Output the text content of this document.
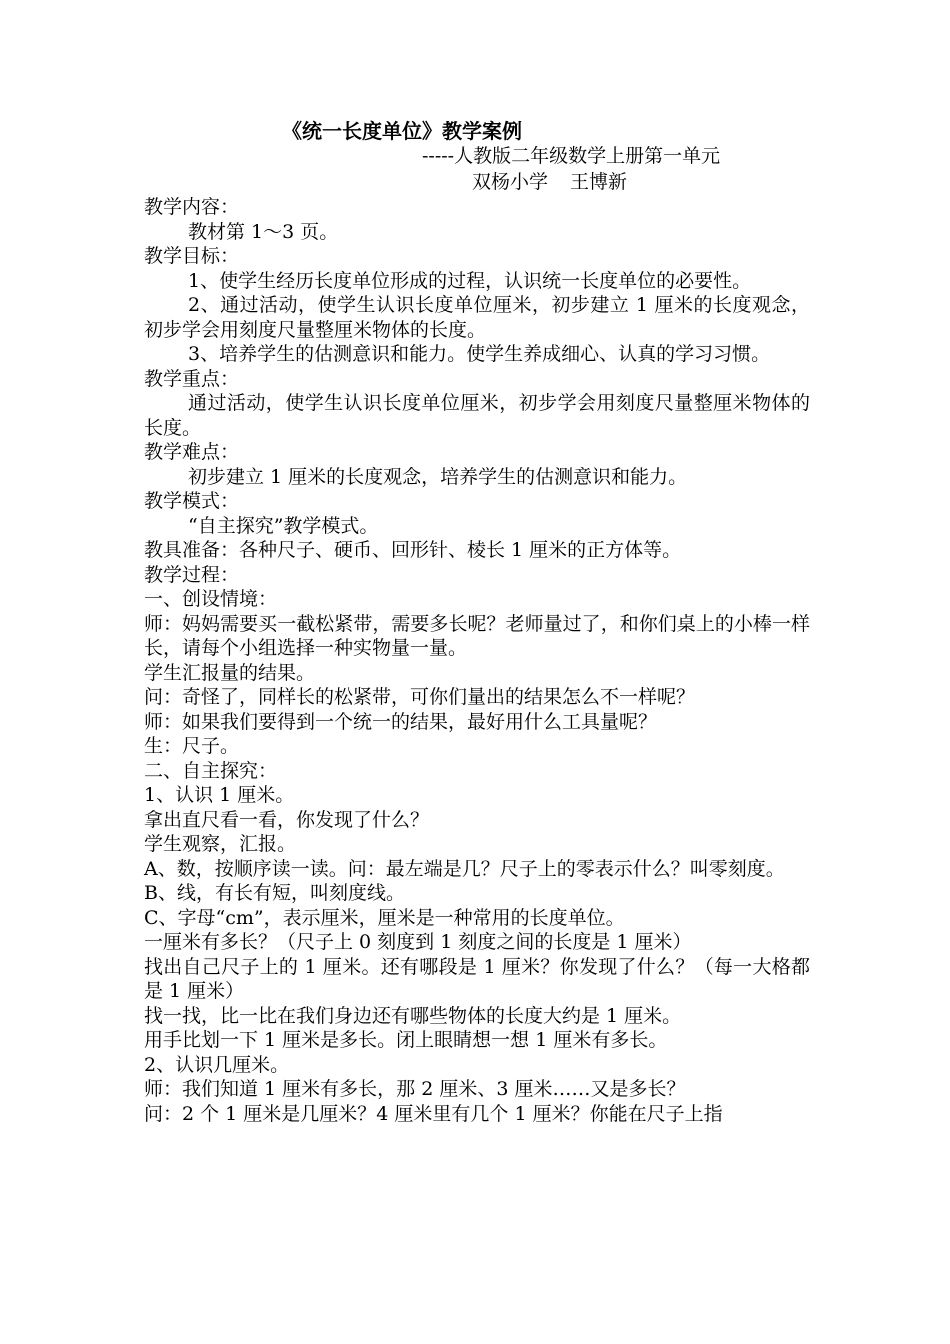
《统一长度单位》教学案例
-----人教版二年级数学上册第一单元
双杨小学 王博新
教学内容：
教材第 1～3 页。
教学目标：
1、使学生经历长度单位形成的过程，认识统一长度单位的必要性。
2、通过活动，使学生认识长度单位厘米，初步建立 1 厘米的长度观念，初步学会用刻度尺量整厘米物体的长度。
3、培养学生的估测意识和能力。使学生养成细心、认真的学习习惯。
教学重点：
通过活动，使学生认识长度单位厘米，初步学会用刻度尺量整厘米物体的长度。
教学难点：
初步建立 1 厘米的长度观念，培养学生的估测意识和能力。
教学模式：
“自主探究”教学模式。
教具准备：各种尺子、硬币、回形针、棱长 1 厘米的正方体等。
教学过程：
一、创设情境：
师：妈妈需要买一截松紧带，需要多长呢？老师量过了，和你们桌上的小棒一样长，请每个小组选择一种实物量一量。
学生汇报量的结果。
问：奇怪了，同样长的松紧带，可你们量出的结果怎么不一样呢？
师：如果我们要得到一个统一的结果，最好用什么工具量呢？
生：尺子。
二、自主探究：
1、认识 1 厘米。
拿出直尺看一看，你发现了什么？
学生观察，汇报。
A、数，按顺序读一读。问：最左端是几？尺子上的零表示什么？叫零刻度。
B、线，有长有短，叫刻度线。
C、字母“cm”，表示厘米，厘米是一种常用的长度单位。
一厘米有多长？（尺子上 0 刻度到 1 刻度之间的长度是 1 厘米）
找出自己尺子上的 1 厘米。还有哪段是 1 厘米？你发现了什么？（每一大格都是 1 厘米）
找一找，比一比在我们身边还有哪些物体的长度大约是 1 厘米。
用手比划一下 1 厘米是多长。闭上眼睛想一想 1 厘米有多长。
2、认识几厘米。
师：我们知道 1 厘米有多长，那 2 厘米、3 厘米……又是多长？
问：2 个 1 厘米是几厘米？4 厘米里有几个 1 厘米？你能在尺子上指
